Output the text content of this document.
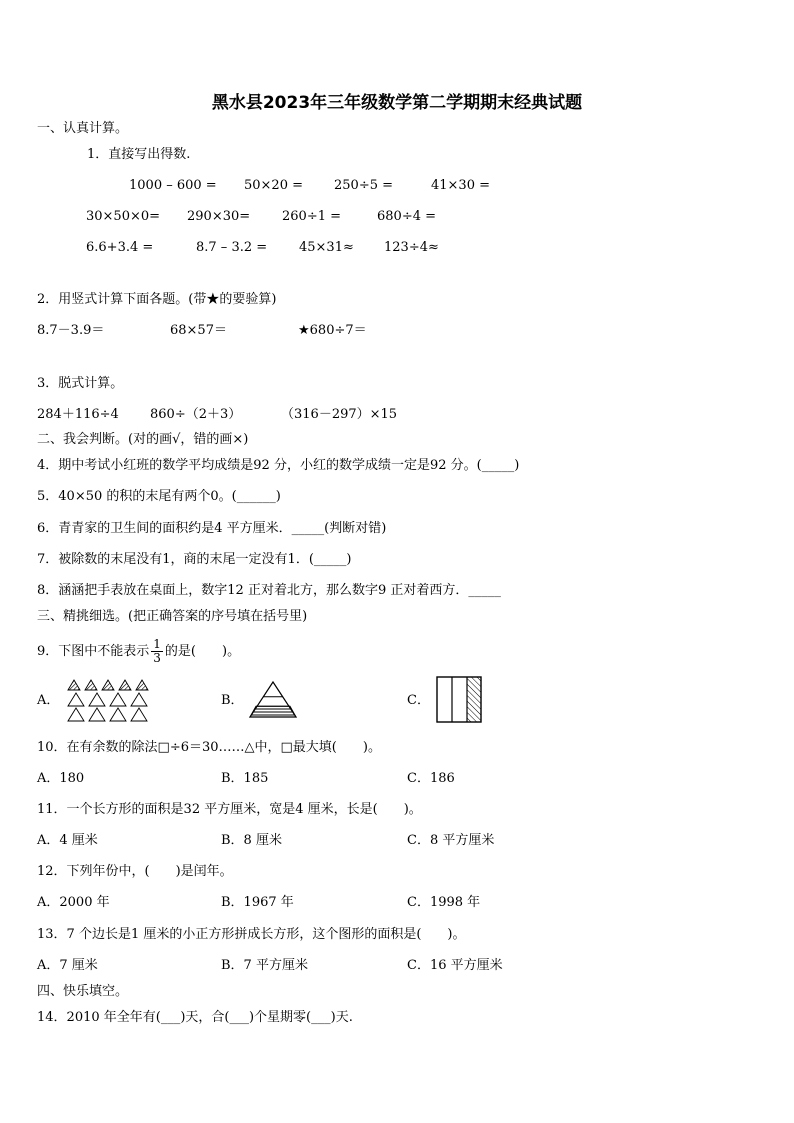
黑水县2023年三年级数学第二学期期末经典试题
一、认真计算。
1．直接写出得数.
1000 – 600 = 50×20 = 250÷5 =	41×30 =
30×50×0= 290×30= 260÷1 =	680÷4 =
6.6+3.4 =	8.7 – 3.2 = 45×31≈ 123÷4≈
2．用竖式计算下面各题。(带★的要验算)
8.7－3.9＝	68×57＝	★680÷7＝
3．脱式计算。
284＋116÷4 860÷（2＋3）	（316－297）×15
二、我会判断。(对的画√，错的画×)
4．期中考试小红班的数学平均成绩是92 分，小红的数学成绩一定是92 分。(_____)
5．40×50 的积的末尾有两个0。(______)
6．青青家的卫生间的面积约是4 平方厘米．_____(判断对错)
7．被除数的末尾没有1，商的末尾一定没有1．(_____)
8．涵涵把手表放在桌面上，数字12 正对着北方，那么数字9 正对着西方．_____
三、精挑细选。(把正确答案的序号填在括号里)
9．下图中不能表示 $\frac{1}{3}$ 的是(　　)。
A．	B．	C．
10．在有余数的除法□÷6＝30……△中，□最大填(　　)。
A．180	B．185	C．186
11．一个长方形的面积是32 平方厘米，宽是4 厘米，长是(　　)。
A．4 厘米	B．8 厘米	C．8 平方厘米
12．下列年份中，(　　)是闰年。
A．2000 年	B．1967 年	C．1998 年
13．7 个边长是1 厘米的小正方形拼成长方形，这个图形的面积是(　　)。
A．7 厘米	B．7 平方厘米	C．16 平方厘米
四、快乐填空。
14．2010 年全年有(___)天，合(___)个星期零(___)天.
